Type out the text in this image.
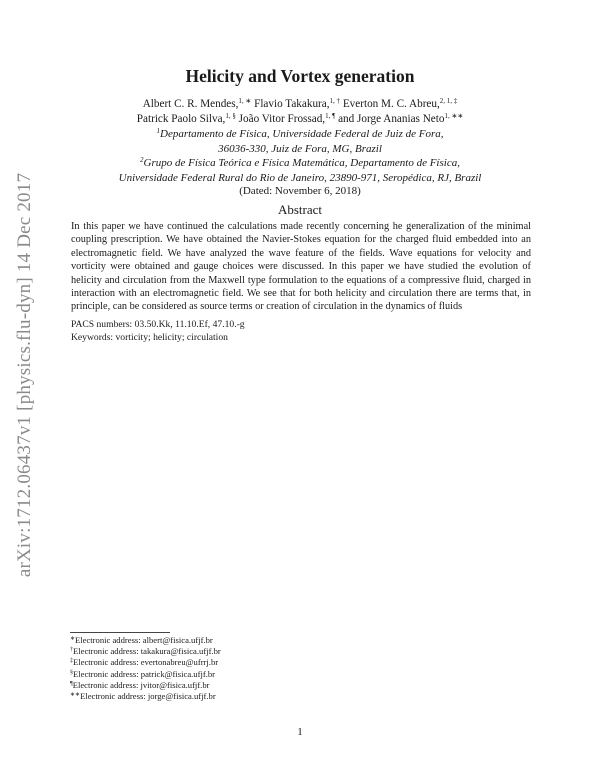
arXiv:1712.06437v1 [physics.flu-dyn] 14 Dec 2017
Helicity and Vortex generation
Albert C. R. Mendes,$^{1, ∗}$ Flavio Takakura,$^{1, \dagger}$ Everton M. C. Abreu,$^{2, 1, \ddagger}$
Patrick Paolo Silva,$^{1, \S}$ João Vitor Frossad,$^{1, \P}$ and Jorge Ananias Neto$^{1, ∗∗}$
$^1$Departamento de Física, Universidade Federal de Juiz de Fora,
36036-330, Juiz de Fora, MG, Brazil
$^2$Grupo de Física Teórica e Física Matemática, Departamento de Física,
Universidade Federal Rural do Rio de Janeiro, 23890-971, Seropédica, RJ, Brazil
(Dated: November 6, 2018)
Abstract
In this paper we have continued the calculations made recently concerning he generalization of the minimal coupling prescription. We have obtained the Navier-Stokes equation for the charged fluid embedded into an electromagnetic field. We have analyzed the wave feature of the fields. Wave equations for velocity and vorticity were obtained and gauge choices were discussed. In this paper we have studied the evolution of helicity and circulation from the Maxwell type formulation to the equations of a compressive fluid, charged in interaction with an electromagnetic field. We see that for both helicity and circulation there are terms that, in principle, can be considered as source terms or creation of circulation in the dynamics of fluids
PACS numbers: 03.50.Kk, 11.10.Ef, 47.10.-g
Keywords: vorticity; helicity; circulation
∗Electronic address: albert@fisica.ufjf.br
†Electronic address: takakura@fisica.ufjf.br
‡Electronic address: evertonabreu@ufrrj.br
§Electronic address: patrick@fisica.ufjf.br
¶Electronic address: jvitor@fisica.ufjf.br
∗∗Electronic address: jorge@fisica.ufjf.br
1
